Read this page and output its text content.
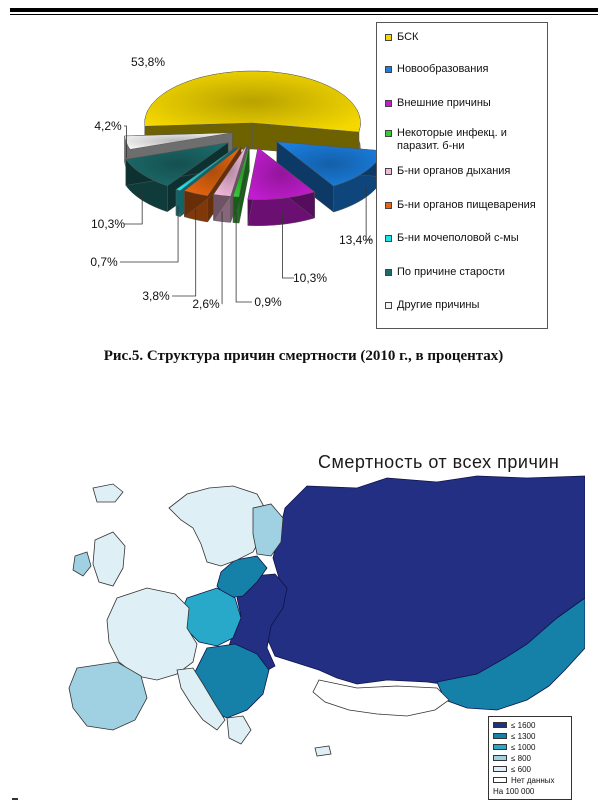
53,8%
13,4%
10,3%
0,9%
2,6%
3,8%
0,7%
10,3%
4,2%
БСК
Новообразования
Внешние причины
Некоторые инфекц. и паразит. б-ни
Б-ни органов дыхания
Б-ни органов пищеварения
Б-ни мочеполовой с-мы
По причине старости
Другие причины
Рис.5. Структура причин смертности (2010 г., в процентах)
Смертность от всех причин
≤ 1600
≤ 1300
≤ 1000
≤ 800
≤ 600
Нет данных
На 100 000
